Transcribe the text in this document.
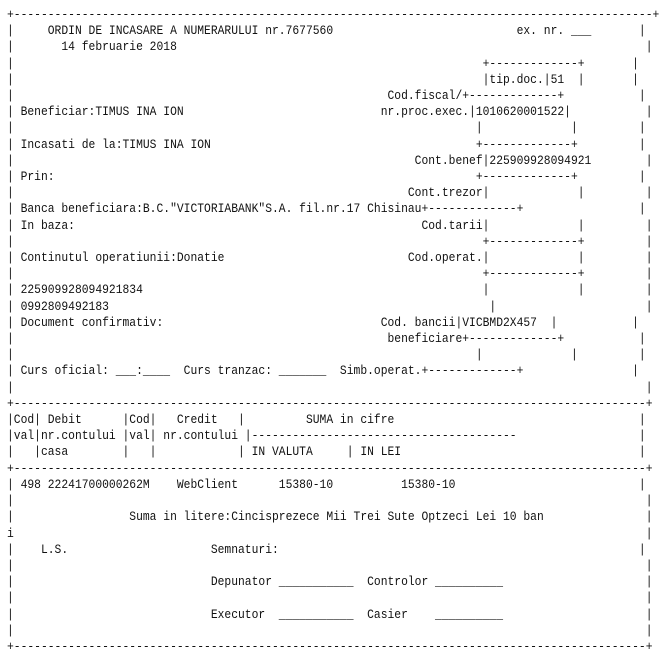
+----------------------------------------------------------------------------------------------+
|     ORDIN DE INCASARE A NUMERARULUI nr.7677560                           ex. nr. ___       |
|       14 februarie 2018                                                                     |
|                                                                     +-------------+       |
|                                                                     |tip.doc.|51  |       |
|                                                       Cod.fiscal/+-------------+           |
| Beneficiar:TIMUS INA ION                             nr.proc.exec.|1010620001522|           |
|                                                                    |             |         |
| Incasati de la:TIMUS INA ION                                       +-------------+         |
|                                                           Cont.benef|225909928094921        |
| Prin:                                                              +-------------+         |
|                                                          Cont.trezor|             |         |
| Banca beneficiara:B.C."VICTORIABANK"S.A. fil.nr.17 Chisinau+-------------+                 |
| In baza:                                                   Cod.tarii|             |         |
|                                                                     +-------------+         |
| Continutul operatiunii:Donatie                           Cod.operat.|             |         |
|                                                                     +-------------+         |
| 225909928094921834                                                  |             |         |
| 0992809492183                                                        |                      |
| Document confirmativ:                                Cod. bancii|VICBMD2X457  |           |
|                                                       beneficiare+-------------+           |
|                                                                    |             |         |
| Curs oficial: ___:____  Curs tranzac: _______  Simb.operat.+-------------+                |
|                                                                                             |
+---------------------------------------------------------------------------------------------+
|Cod| Debit      |Cod|   Credit   |         SUMA in cifre                                    |
|val|nr.contului |val| nr.contului |---------------------------------------                  |
|   |casa        |   |            | IN VALUTA     | IN LEI                                   |
+---------------------------------------------------------------------------------------------+
| 498 22241700000262M    WebClient      15380-10          15380-10                           |
|                                                                                             |
|                 Suma in litere:Cincisprezece Mii Trei Sute Optzeci Lei 10 ban               |
i                                                                                             |
|    L.S.                     Semnaturi:                                                     |
|                                                                                             |
|                             Depunator ___________  Controlor __________                     |
|                                                                                             |
|                             Executor  ___________  Casier    __________                     |
|                                                                                             |
+---------------------------------------------------------------------------------------------+
